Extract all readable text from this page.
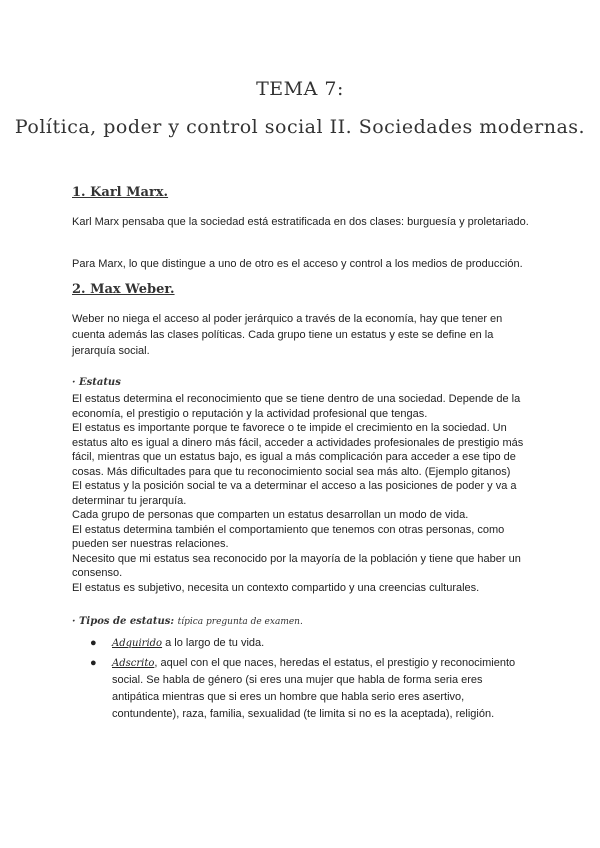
TEMA 7:
Política, poder y control social II. Sociedades modernas.
1. Karl Marx.

Karl Marx pensaba que la sociedad está estratificada en dos clases: burguesía y proletariado.

Para Marx, lo que distingue a uno de otro es el acceso y control a los medios de producción.

2. Max Weber.

Weber no niega el acceso al poder jerárquico a través de la economía, hay que tener en cuenta además las clases políticas. Cada grupo tiene un estatus y este se define en la jerarquía social.

· Estatus
El estatus determina el reconocimiento que se tiene dentro de una sociedad. Depende de la
economía, el prestigio o reputación y la actividad profesional que tengas.
El estatus es importante porque te favorece o te impide el crecimiento en la sociedad. Un
estatus alto es igual a dinero más fácil, acceder a actividades profesionales de prestigio más
fácil, mientras que un estatus bajo, es igual a más complicación para acceder a ese tipo de
cosas. Más dificultades para que tu reconocimiento social sea más alto. (Ejemplo gitanos)
El estatus y la posición social te va a determinar el acceso a las posiciones de poder y va a
determinar tu jerarquía.
Cada grupo de personas que comparten un estatus desarrollan un modo de vida.
El estatus determina también el comportamiento que tenemos con otras personas, como
pueden ser nuestras relaciones.
Necesito que mi estatus sea reconocido por la mayoría de la población y tiene que haber un
consenso.
El estatus es subjetivo, necesita un contexto compartido y una creencias culturales.
· Tipos de estatus: típica pregunta de examen.
● Adquirido a lo largo de tu vida.
● Adscrito, aquel con el que naces, heredas el estatus, el prestigio y reconocimiento social. Se habla de género (si eres una mujer que habla de forma seria eres antipática mientras que si eres un hombre que habla serio eres asertivo, contundente), raza, familia, sexualidad (te limita si no es la aceptada), religión.
